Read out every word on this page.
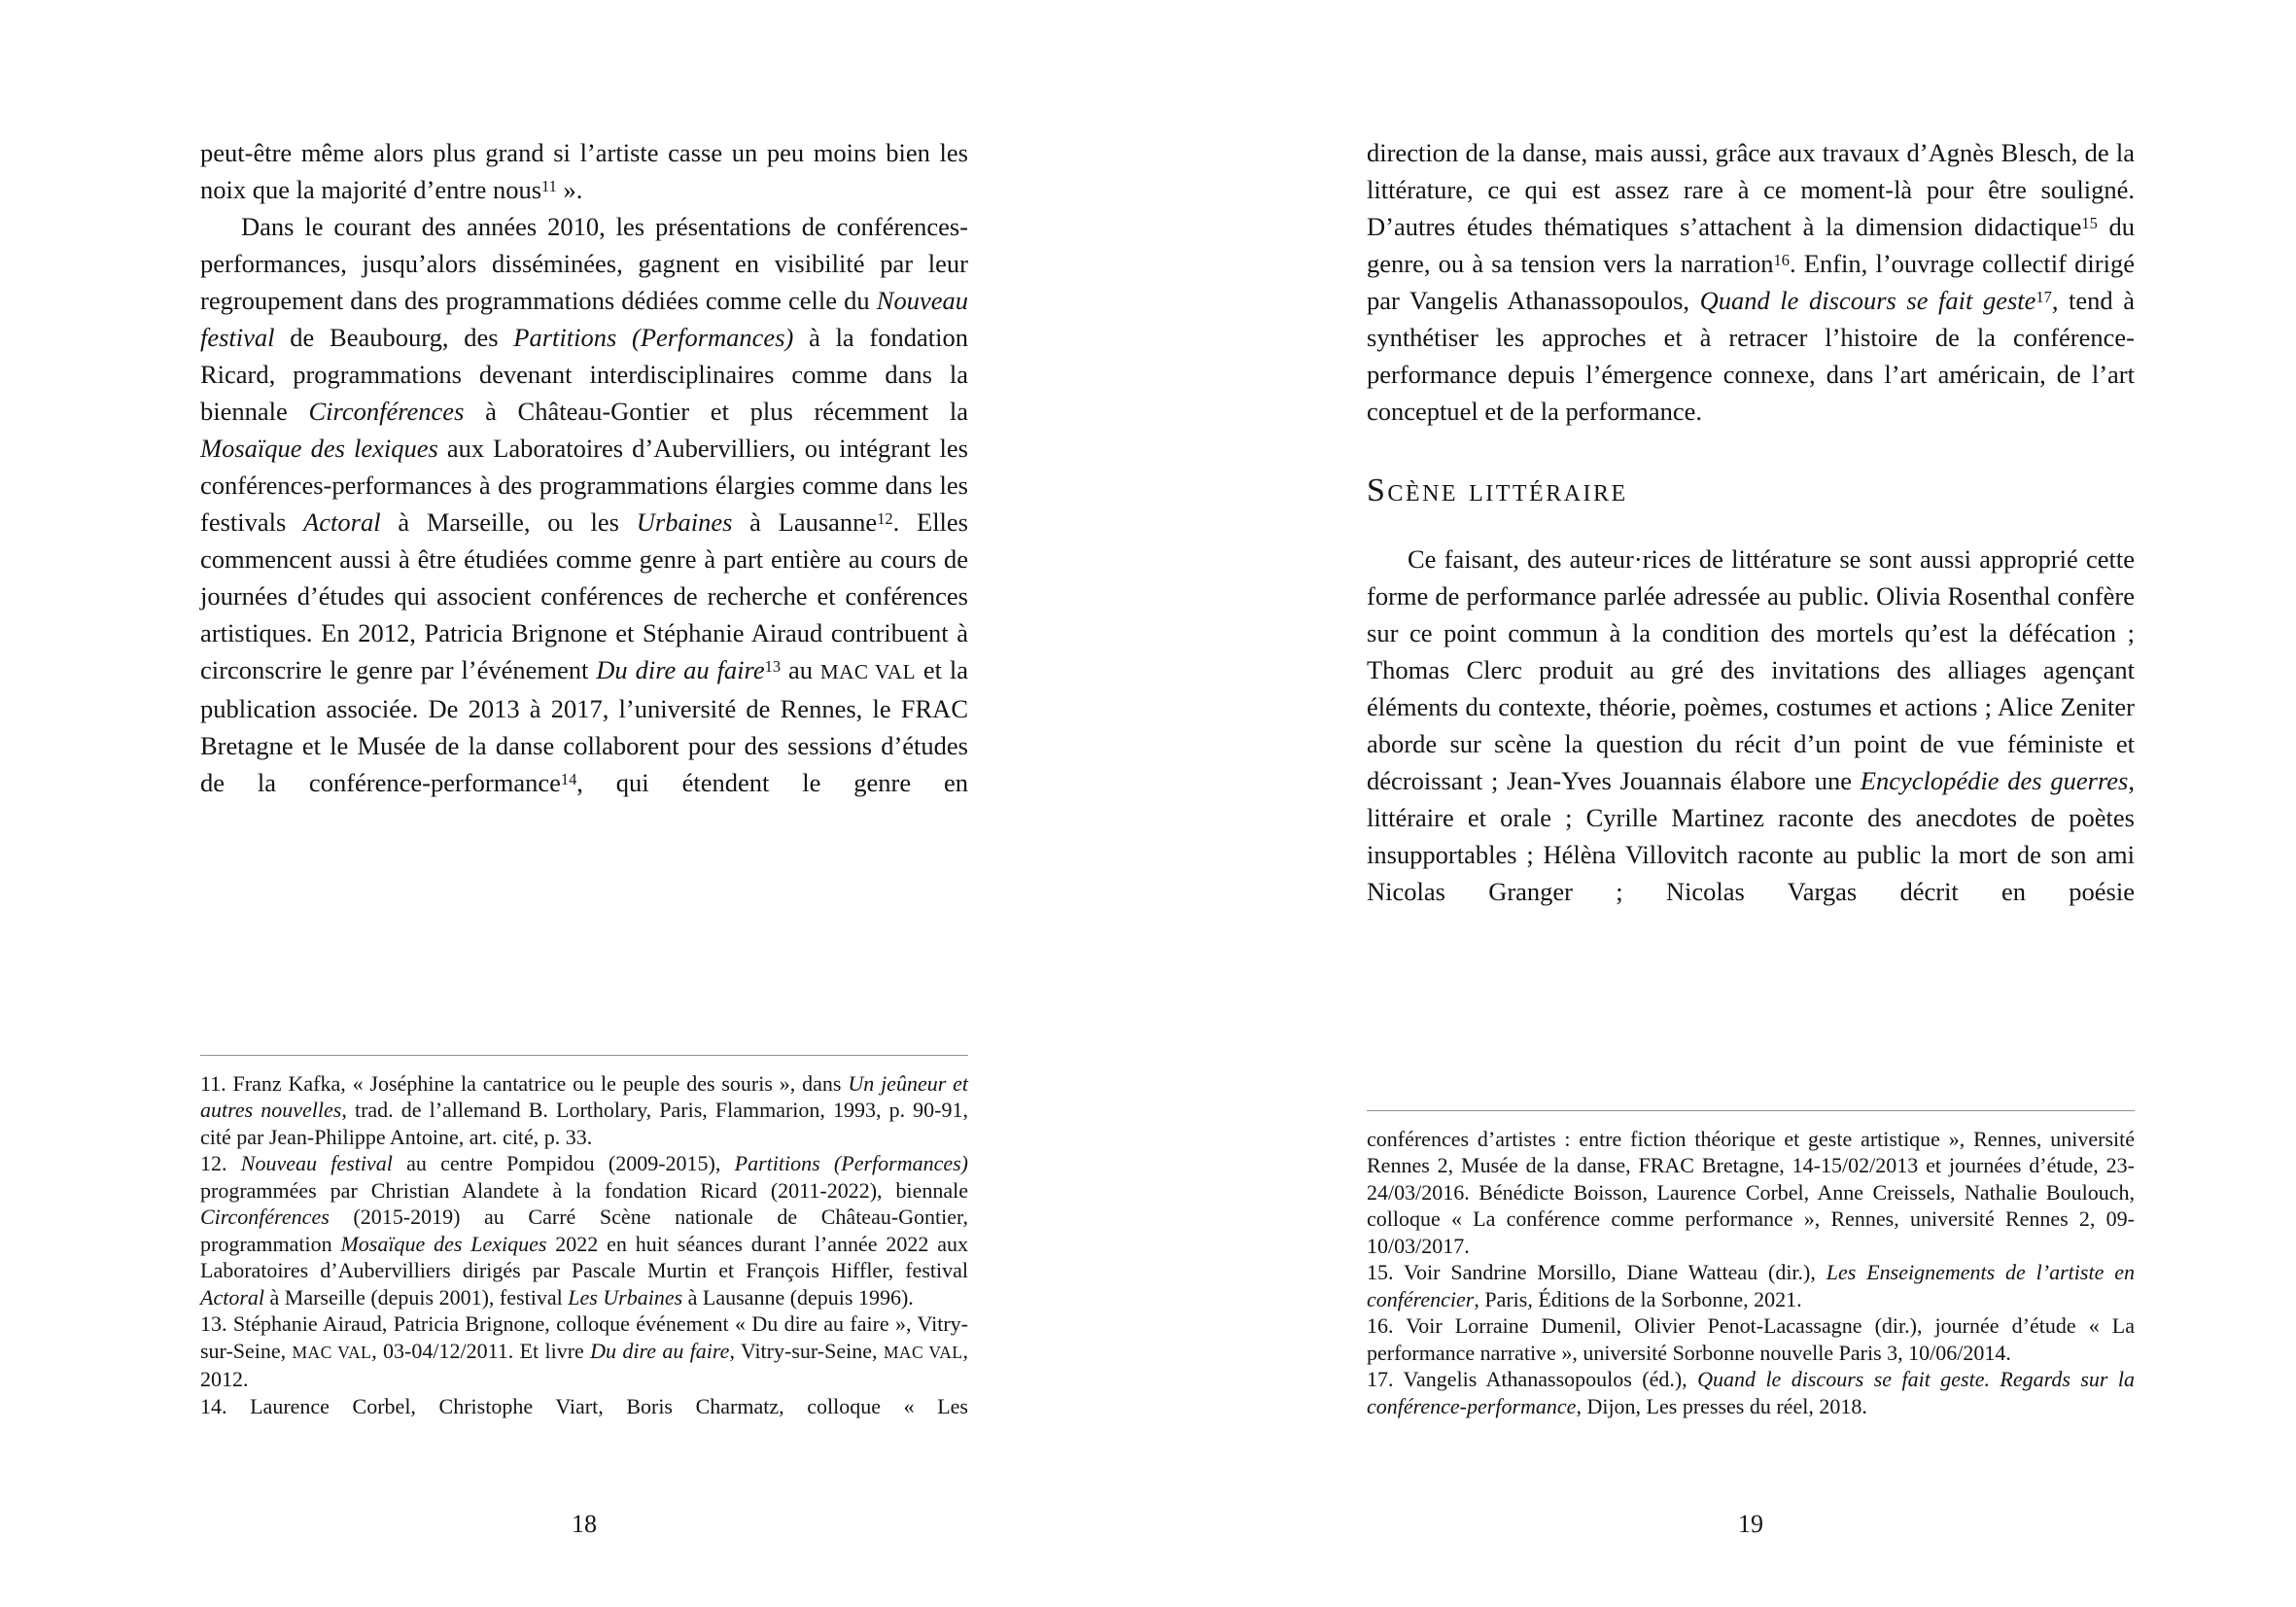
peut-être même alors plus grand si l’artiste casse un peu moins bien les noix que la majorité d’entre nous$^{11}$ ».

Dans le courant des années 2010, les présentations de conférences-performances, jusqu’alors disséminées, gagnent en visibilité par leur regroupement dans des programmations dédiées comme celle du Nouveau festival de Beaubourg, des Partitions (Performances) à la fondation Ricard, programmations devenant interdisciplinaires comme dans la biennale Circonférences à Château-Gontier et plus récemment la Mosaïque des lexiques aux Laboratoires d’Aubervilliers, ou intégrant les conférences-performances à des programmations élargies comme dans les festivals Actoral à Marseille, ou les Urbaines à Lausanne$^{12}$. Elles commencent aussi à être étudiées comme genre à part entière au cours de journées d’études qui associent conférences de recherche et conférences artistiques. En 2012, Patricia Brignone et Stéphanie Airaud contribuent à circonscrire le genre par l’événement Du dire au faire$^{13}$ au MAC VAL et la publication associée. De 2013 à 2017, l’université de Rennes, le FRAC Bretagne et le Musée de la danse collaborent pour des sessions d’études de la conférence-performance$^{14}$, qui étendent le genre en

11. Franz Kafka, « Joséphine la cantatrice ou le peuple des souris », dans Un jeûneur et autres nouvelles, trad. de l’allemand B. Lortholary, Paris, Flammarion, 1993, p. 90-91, cité par Jean-Philippe Antoine, art. cité, p. 33.

12. Nouveau festival au centre Pompidou (2009-2015), Partitions (Performances) programmées par Christian Alandete à la fondation Ricard (2011-2022), biennale Circonférences (2015-2019) au Carré Scène nationale de Château-Gontier, programmation Mosaïque des Lexiques 2022 en huit séances durant l’année 2022 aux Laboratoires d’Aubervilliers dirigés par Pascale Murtin et François Hiffler, festival Actoral à Marseille (depuis 2001), festival Les Urbaines à Lausanne (depuis 1996).

13. Stéphanie Airaud, Patricia Brignone, colloque événement « Du dire au faire », Vitry-sur-Seine, MAC VAL, 03-04/12/2011. Et livre Du dire au faire, Vitry-sur-Seine, MAC VAL, 2012.

14. Laurence Corbel, Christophe Viart, Boris Charmatz, colloque « Les

18

direction de la danse, mais aussi, grâce aux travaux d’Agnès Blesch, de la littérature, ce qui est assez rare à ce moment-là pour être souligné. D’autres études thématiques s’attachent à la dimension didactique$^{15}$ du genre, ou à sa tension vers la narration$^{16}$. Enfin, l’ouvrage collectif dirigé par Vangelis Athanassopoulos, Quand le discours se fait geste$^{17}$, tend à synthétiser les approches et à retracer l’histoire de la conférence-performance depuis l’émergence connexe, dans l’art américain, de l’art conceptuel et de la performance.

Scène littéraire

Ce faisant, des auteur·rices de littérature se sont aussi approprié cette forme de performance parlée adressée au public. Olivia Rosenthal confère sur ce point commun à la condition des mortels qu’est la défécation ; Thomas Clerc produit au gré des invitations des alliages agençant éléments du contexte, théorie, poèmes, costumes et actions ; Alice Zeniter aborde sur scène la question du récit d’un point de vue féministe et décroissant ; Jean-Yves Jouannais élabore une Encyclopédie des guerres, littéraire et orale ; Cyrille Martinez raconte des anecdotes de poètes insupportables ; Hélèna Villovitch raconte au public la mort de son ami Nicolas Granger ; Nicolas Vargas décrit en poésie

conférences d’artistes : entre fiction théorique et geste artistique », Rennes, université Rennes 2, Musée de la danse, FRAC Bretagne, 14-15/02/2013 et journées d’étude, 23-24/03/2016. Bénédicte Boisson, Laurence Corbel, Anne Creissels, Nathalie Boulouch, colloque « La conférence comme performance », Rennes, université Rennes 2, 09-10/03/2017.

15. Voir Sandrine Morsillo, Diane Watteau (dir.), Les Enseignements de l’artiste en conférencier, Paris, Éditions de la Sorbonne, 2021.

16. Voir Lorraine Dumenil, Olivier Penot-Lacassagne (dir.), journée d’étude « La performance narrative », université Sorbonne nouvelle Paris 3, 10/06/2014.

17. Vangelis Athanassopoulos (éd.), Quand le discours se fait geste. Regards sur la conférence-performance, Dijon, Les presses du réel, 2018.

19
